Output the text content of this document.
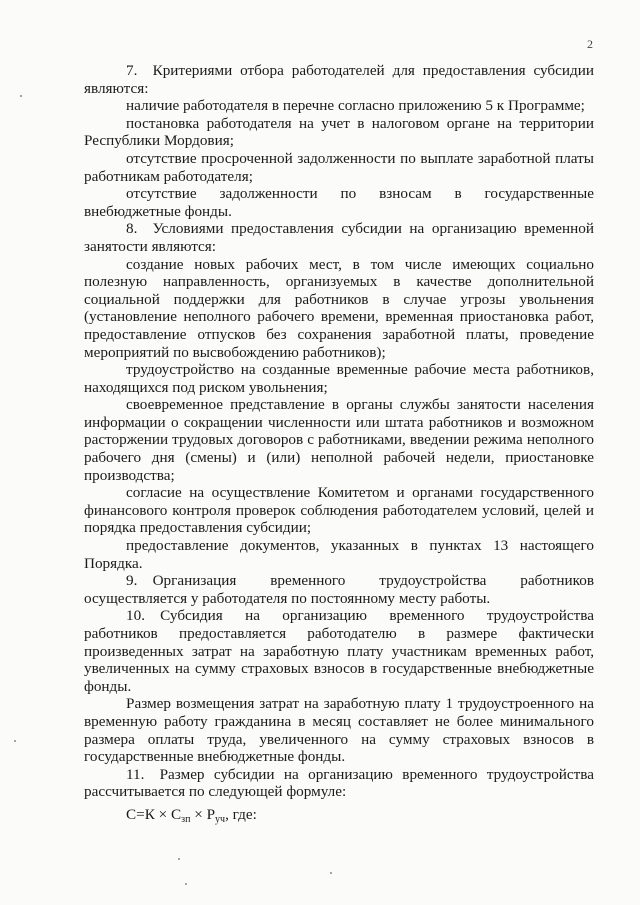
2

7. Критериями отбора работодателей для предоставления субсидии являются:

наличие работодателя в перечне согласно приложению 5 к Программе;

постановка работодателя на учет в налоговом органе на территории Республики Мордовия;

отсутствие просроченной задолженности по выплате заработной платы работникам работодателя;

отсутствие задолженности по взносам в государственные внебюджетные фонды.

8. Условиями предоставления субсидии на организацию временной занятости являются:

создание новых рабочих мест, в том числе имеющих социально полезную направленность, организуемых в качестве дополнительной социальной поддержки для работников в случае угрозы увольнения (установление неполного рабочего времени, временная приостановка работ, предоставление отпусков без сохранения заработной платы, проведение мероприятий по высвобождению работников);

трудоустройство на созданные временные рабочие места работников, находящихся под риском увольнения;

своевременное представление в органы службы занятости населения информации о сокращении численности или штата работников и возможном расторжении трудовых договоров с работниками, введении режима неполного рабочего дня (смены) и (или) неполной рабочей недели, приостановке производства;

согласие на осуществление Комитетом и органами государственного финансового контроля проверок соблюдения работодателем условий, целей и порядка предоставления субсидии;

предоставление документов, указанных в пунктах 13 настоящего Порядка.

9. Организация временного трудоустройства работников осуществляется у работодателя по постоянному месту работы.

10. Субсидия на организацию временного трудоустройства работников предоставляется работодателю в размере фактически произведенных затрат на заработную плату участникам временных работ, увеличенных на сумму страховых взносов в государственные внебюджетные фонды.

Размер возмещения затрат на заработную плату 1 трудоустроенного на временную работу гражданина в месяц составляет не более минимального размера оплаты труда, увеличенного на сумму страховых взносов в государственные внебюджетные фонды.

11. Размер субсидии на организацию временного трудоустройства рассчитывается по следующей формуле:

$С=К \times С_{зп} \times Р_{уч}$, где:
